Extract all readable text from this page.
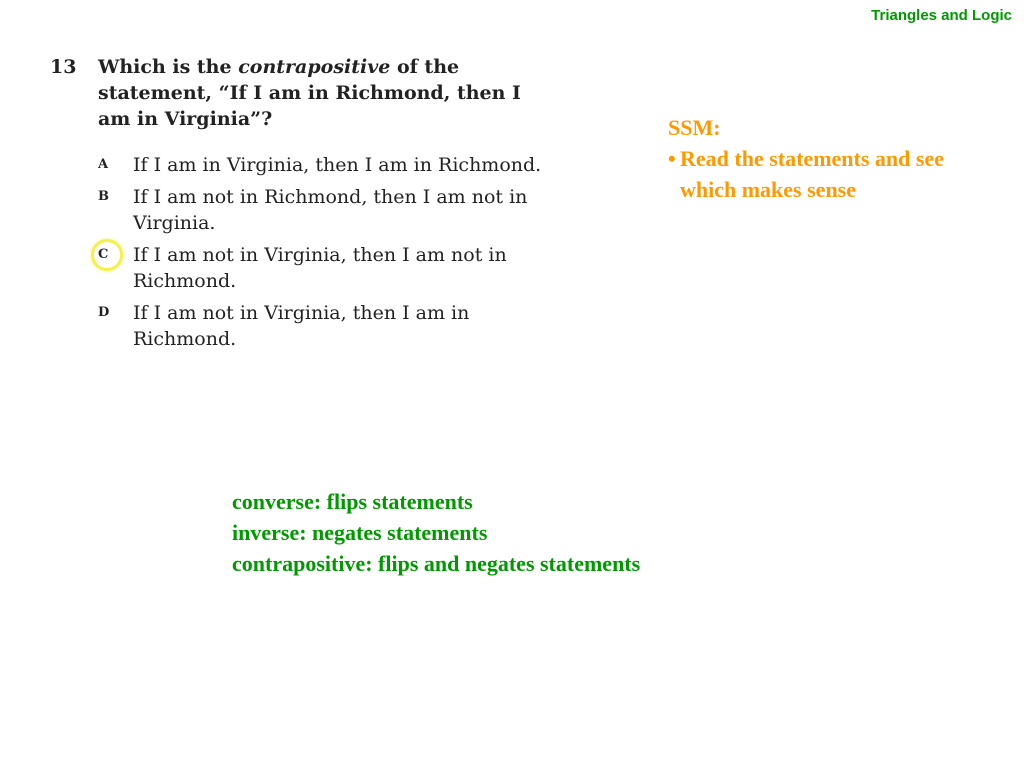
Triangles and Logic
13	Which is the contrapositive of the statement, “If I am in Richmond, then I am in Virginia”?
A	If I am in Virginia, then I am in Richmond.
B	If I am not in Richmond, then I am not in Virginia.
C	If I am not in Virginia, then I am not in Richmond.
D	If I am not in Virginia, then I am in Richmond.
SSM:
• Read the statements and see which makes sense
converse: flips statements
inverse: negates statements
contrapositive: flips and negates statements
